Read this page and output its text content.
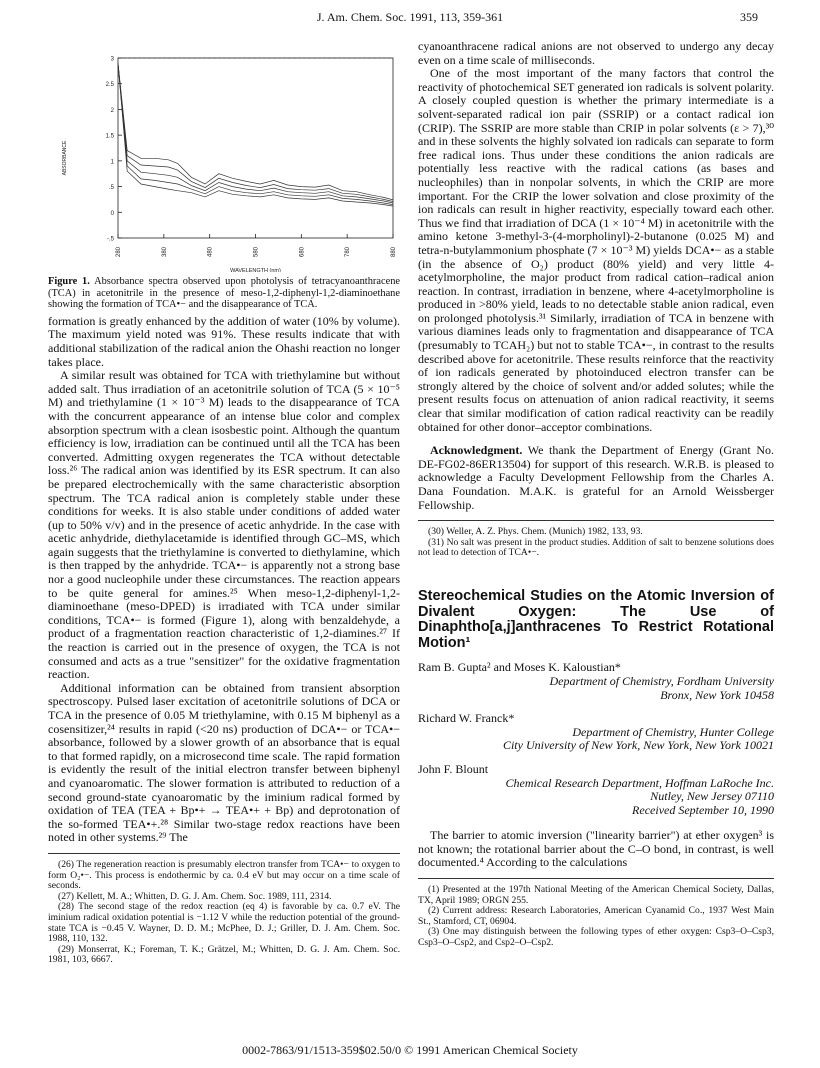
J. Am. Chem. Soc. 1991, 113, 359-361	359
3
2.5
2
1.5
1
.5
0
-.5
280	380	480	580	680	780	880
ABSORBANCE
WAVELENGTH (nm)
Figure 1. Absorbance spectra observed upon photolysis of tetracyanoanthracene (TCA) in acetonitrile in the presence of meso-1,2-diphenyl-1,2-diaminoethane showing the formation of TCA•− and the disappearance of TCA.

formation is greatly enhanced by the addition of water (10% by volume). The maximum yield noted was 91%. These results indicate that with additional stabilization of the radical anion the Ohashi reaction no longer takes place.

A similar result was obtained for TCA with triethylamine but without added salt. Thus irradiation of an acetonitrile solution of TCA (5 × 10⁻⁵ M) and triethylamine (1 × 10⁻³ M) leads to the disappearance of TCA with the concurrent appearance of an intense blue color and complex absorption spectrum with a clean isosbestic point. Although the quantum efficiency is low, irradiation can be continued until all the TCA has been converted. Admitting oxygen regenerates the TCA without detectable loss.²⁶ The radical anion was identified by its ESR spectrum. It can also be prepared electrochemically with the same characteristic absorption spectrum. The TCA radical anion is completely stable under these conditions for weeks. It is also stable under conditions of added water (up to 50% v/v) and in the presence of acetic anhydride. In the case with acetic anhydride, diethylacetamide is identified through GC–MS, which again suggests that the triethylamine is converted to diethylamine, which is then trapped by the anhydride. TCA•− is apparently not a strong base nor a good nucleophile under these circumstances. The reaction appears to be quite general for amines.²⁵ When meso-1,2-diphenyl-1,2-diaminoethane (meso-DPED) is irradiated with TCA under similar conditions, TCA•− is formed (Figure 1), along with benzaldehyde, a product of a fragmentation reaction characteristic of 1,2-diamines.²⁷ If the reaction is carried out in the presence of oxygen, the TCA is not consumed and acts as a true "sensitizer" for the oxidative fragmentation reaction.

Additional information can be obtained from transient absorption spectroscopy. Pulsed laser excitation of acetonitrile solutions of DCA or TCA in the presence of 0.05 M triethylamine, with 0.15 M biphenyl as a cosensitizer,²⁴ results in rapid (<20 ns) production of DCA•− or TCA•− absorbance, followed by a slower growth of an absorbance that is equal to that formed rapidly, on a microsecond time scale. The rapid formation is evidently the result of the initial electron transfer between biphenyl and cyanoaromatic. The slower formation is attributed to reduction of a second ground-state cyanoaromatic by the iminium radical formed by oxidation of TEA (TEA + Bp•+ → TEA•+ + Bp) and deprotonation of the so-formed TEA•+.²⁸ Similar two-stage redox reactions have been noted in other systems.²⁹ The

(26) The regeneration reaction is presumably electron transfer from TCA•− to oxygen to form O₂•−. This process is endothermic by ca. 0.4 eV but may occur on a time scale of seconds.
(27) Kellett, M. A.; Whitten, D. G. J. Am. Chem. Soc. 1989, 111, 2314.
(28) The second stage of the redox reaction (eq 4) is favorable by ca. 0.7 eV. The iminium radical oxidation potential is −1.12 V while the reduction potential of the ground-state TCA is −0.45 V. Wayner, D. D. M.; McPhee, D. J.; Griller, D. J. Am. Chem. Soc. 1988, 110, 132.
(29) Monserrat, K.; Foreman, T. K.; Grätzel, M.; Whitten, D. G. J. Am. Chem. Soc. 1981, 103, 6667.

cyanoanthracene radical anions are not observed to undergo any decay even on a time scale of milliseconds.

One of the most important of the many factors that control the reactivity of photochemical SET generated ion radicals is solvent polarity. A closely coupled question is whether the primary intermediate is a solvent-separated radical ion pair (SSRIP) or a contact radical ion (CRIP). The SSRIP are more stable than CRIP in polar solvents (ε > 7),³⁰ and in these solvents the highly solvated ion radicals can separate to form free radical ions. Thus under these conditions the anion radicals are potentially less reactive with the radical cations (as bases and nucleophiles) than in nonpolar solvents, in which the CRIP are more important. For the CRIP the lower solvation and close proximity of the ion radicals can result in higher reactivity, especially toward each other. Thus we find that irradiation of DCA (1 × 10⁻⁴ M) in acetonitrile with the amino ketone 3-methyl-3-(4-morpholinyl)-2-butanone (0.025 M) and tetra-n-butylammonium phosphate (7 × 10⁻³ M) yields DCA•− as a stable (in the absence of O₂) product (80% yield) and very little 4-acetylmorpholine, the major product from radical cation–radical anion reaction. In contrast, irradiation in benzene, where 4-acetylmorpholine is produced in >80% yield, leads to no detectable stable anion radical, even on prolonged photolysis.³¹ Similarly, irradiation of TCA in benzene with various diamines leads only to fragmentation and disappearance of TCA (presumably to TCAH₂) but not to stable TCA•−, in contrast to the results described above for acetonitrile. These results reinforce that the reactivity of ion radicals generated by photoinduced electron transfer can be strongly altered by the choice of solvent and/or added solutes; while the present results focus on attenuation of anion radical reactivity, it seems clear that similar modification of cation radical reactivity can be readily obtained for other donor–acceptor combinations.

Acknowledgment. We thank the Department of Energy (Grant No. DE-FG02-86ER13504) for support of this research. W.R.B. is pleased to acknowledge a Faculty Development Fellowship from the Charles A. Dana Foundation. M.A.K. is grateful for an Arnold Weissberger Fellowship.

(30) Weller, A. Z. Phys. Chem. (Munich) 1982, 133, 93.
(31) No salt was present in the product studies. Addition of salt to benzene solutions does not lead to detection of TCA•−.
Stereochemical Studies on the Atomic Inversion of Divalent Oxygen: The Use of Dinaphtho[a,j]anthracenes To Restrict Rotational Motion¹
Ram B. Gupta² and Moses K. Kaloustian*
Department of Chemistry, Fordham University
Bronx, New York 10458
Richard W. Franck*
Department of Chemistry, Hunter College
City University of New York, New York, New York 10021
John F. Blount
Chemical Research Department, Hoffman LaRoche Inc.
Nutley, New Jersey 07110
Received September 10, 1990

The barrier to atomic inversion ("linearity barrier") at ether oxygen³ is not known; the rotational barrier about the C–O bond, in contrast, is well documented.⁴ According to the calculations

(1) Presented at the 197th National Meeting of the American Chemical Society, Dallas, TX, April 1989; ORGN 255.
(2) Current address: Research Laboratories, American Cyanamid Co., 1937 West Main St., Stamford, CT, 06904.
(3) One may distinguish between the following types of ether oxygen: Csp3–O–Csp3, Csp3–O–Csp2, and Csp2–O–Csp2.
0002-7863/91/1513-359$02.50/0 © 1991 American Chemical Society
